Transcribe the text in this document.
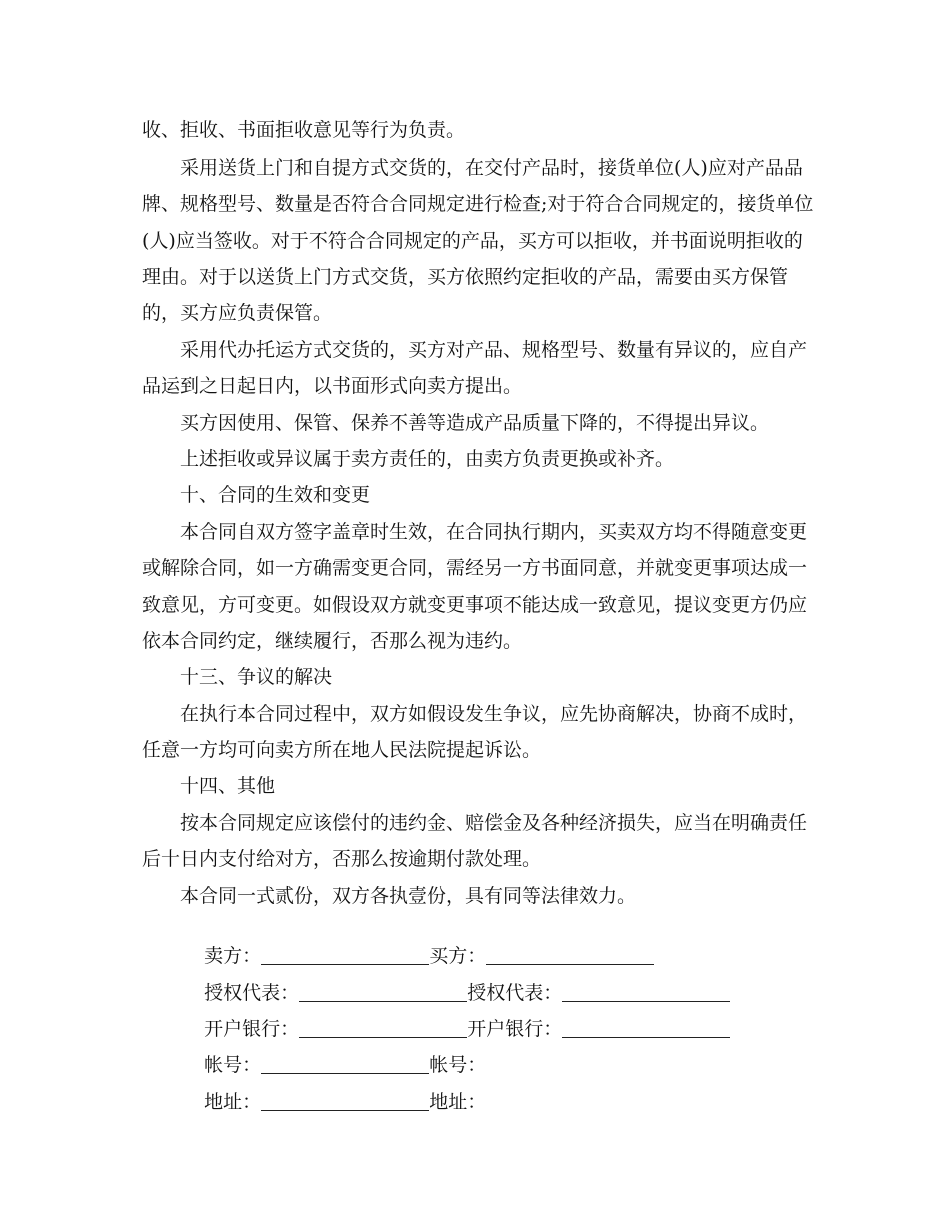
收、拒收、书面拒收意见等行为负责。
采用送货上门和自提方式交货的，在交付产品时，接货单位(人)应对产品品
牌、规格型号、数量是否符合合同规定进行检查;对于符合合同规定的，接货单位
(人)应当签收。对于不符合合同规定的产品，买方可以拒收，并书面说明拒收的
理由。对于以送货上门方式交货，买方依照约定拒收的产品，需要由买方保管
的，买方应负责保管。
采用代办托运方式交货的，买方对产品、规格型号、数量有异议的，应自产
品运到之日起日内，以书面形式向卖方提出。
买方因使用、保管、保养不善等造成产品质量下降的，不得提出异议。
上述拒收或异议属于卖方责任的，由卖方负责更换或补齐。
十、合同的生效和变更
本合同自双方签字盖章时生效，在合同执行期内，买卖双方均不得随意变更
或解除合同，如一方确需变更合同，需经另一方书面同意，并就变更事项达成一
致意见，方可变更。如假设双方就变更事项不能达成一致意见，提议变更方仍应
依本合同约定，继续履行，否那么视为违约。
十三、争议的解决
在执行本合同过程中，双方如假设发生争议，应先协商解决，协商不成时，
任意一方均可向卖方所在地人民法院提起诉讼。
十四、其他
按本合同规定应该偿付的违约金、赔偿金及各种经济损失，应当在明确责任
后十日内支付给对方，否那么按逾期付款处理。
本合同一式贰份，双方各执壹份，具有同等法律效力。

卖方：	买方：

授权代表：	授权代表：

开户银行：	开户银行：

帐号：	帐号：

地址：	地址：
